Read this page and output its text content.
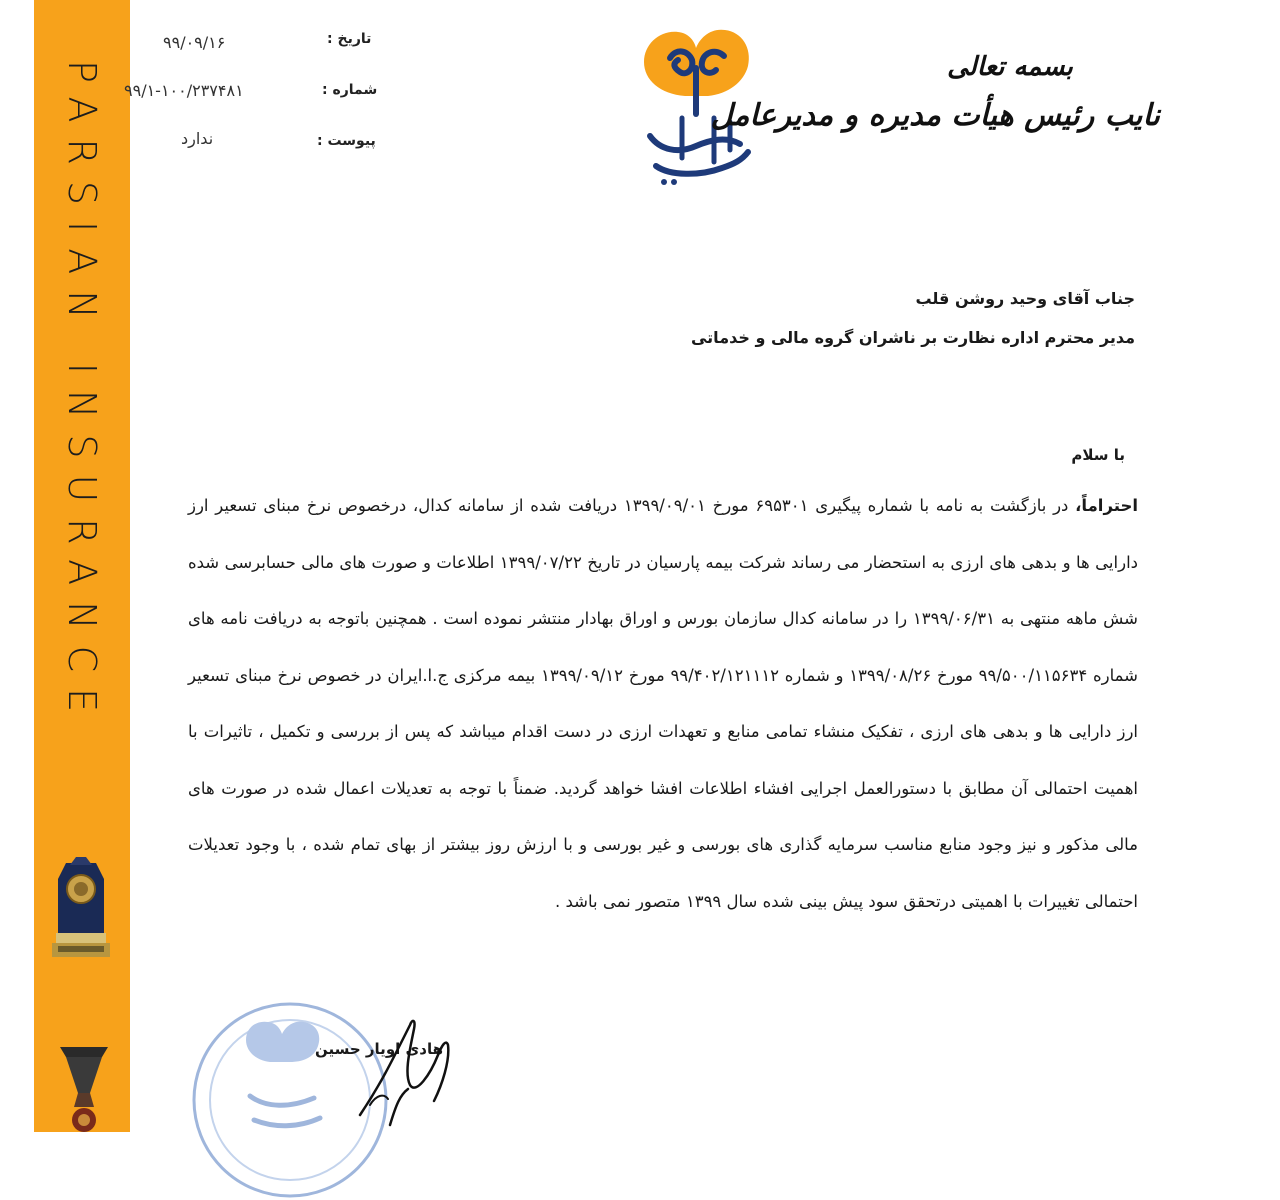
PARSIAN INSURANCE
تاریخ :
۹۹/۰۹/۱۶
شماره :
۹۹/۱-۱۰۰/۲۳۷۴۸۱
پیوست :
ندارد
بسمه تعالی
نایب رئیس هیأت مدیره و مدیرعامل
جناب آقای وحید روشن قلب
مدیر محترم اداره نظارت بر ناشران گروه مالی و خدماتی
با سلام
احتراماً، در بازگشت به نامه با شماره پیگیری ۶۹۵۳۰۱ مورخ ۱۳۹۹/۰۹/۰۱ دریافت شده از سامانه کدال، درخصوص نرخ مبنای تسعیر ارز دارایی ها و بدهی های ارزی به استحضار می رساند شرکت بیمه پارسیان در تاریخ ۱۳۹۹/۰۷/۲۲ اطلاعات و صورت های مالی حسابرسی شده شش ماهه منتهی به ۱۳۹۹/۰۶/۳۱ را در سامانه کدال سازمان بورس و اوراق بهادار منتشر نموده است . همچنین باتوجه به دریافت نامه های شماره ۹۹/۵۰۰/۱۱۵۶۳۴ مورخ ۱۳۹۹/۰۸/۲۶ و شماره ۹۹/۴۰۲/۱۲۱۱۱۲ مورخ ۱۳۹۹/۰۹/۱۲ بیمه مرکزی ج.ا.ایران در خصوص نرخ مبنای تسعیر ارز دارایی ها و بدهی های ارزی ، تفکیک منشاء تمامی منابع و تعهدات ارزی در دست اقدام میباشد که پس از بررسی و تکمیل ، تاثیرات با اهمیت احتمالی آن مطابق با دستورالعمل اجرایی افشاء اطلاعات افشا خواهد گردید. ضمناً با توجه به تعدیلات اعمال شده در صورت های مالی مذکور و نیز وجود منابع مناسب سرمایه گذاری های بورسی و غیر بورسی و با ارزش روز بیشتر از بهای تمام شده ، با وجود تعدیلات احتمالی تغییرات با اهمیتی درتحقق سود پیش بینی شده سال ۱۳۹۹ متصور نمی باشد .
هادی اویار حسین
